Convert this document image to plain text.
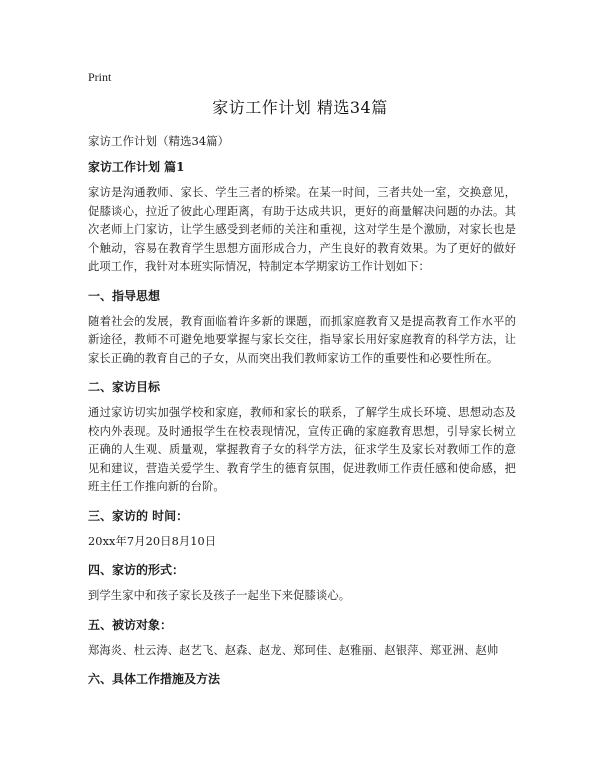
Print
家访工作计划 精选34篇

家访工作计划（精选34篇）

家访工作计划 篇1

家访是沟通教师、家长、学生三者的桥梁。在某一时间，三者共处一室，交换意见，促膝谈心，拉近了彼此心理距离，有助于达成共识，更好的商量解决问题的办法。其次老师上门家访，让学生感受到老师的关注和重视，这对学生是个激励，对家长也是个触动，容易在教育学生思想方面形成合力，产生良好的教育效果。为了更好的做好此项工作，我针对本班实际情况，特制定本学期家访工作计划如下：

一、指导思想

随着社会的发展，教育面临着许多新的课题，而抓家庭教育又是提高教育工作水平的新途径，教师不可避免地要掌握与家长交往，指导家长用好家庭教育的科学方法，让家长正确的教育自己的子女，从而突出我们教师家访工作的重要性和必要性所在。

二、家访目标

通过家访切实加强学校和家庭，教师和家长的联系，了解学生成长环境、思想动态及校内外表现。及时通报学生在校表现情况，宣传正确的家庭教育思想，引导家长树立正确的人生观、质量观，掌握教育子女的科学方法，征求学生及家长对教师工作的意见和建议，营造关爱学生、教育学生的德育氛围，促进教师工作责任感和使命感，把班主任工作推向新的台阶。

三、家访的 时间：

20xx年7月20日8月10日

四、家访的形式：

到学生家中和孩子家长及孩子一起坐下来促膝谈心。

五、被访对象：

郑海炎、杜云涛、赵艺飞、赵森、赵龙、郑珂佳、赵雅丽、赵银萍、郑亚洲、赵帅

六、具体工作措施及方法
